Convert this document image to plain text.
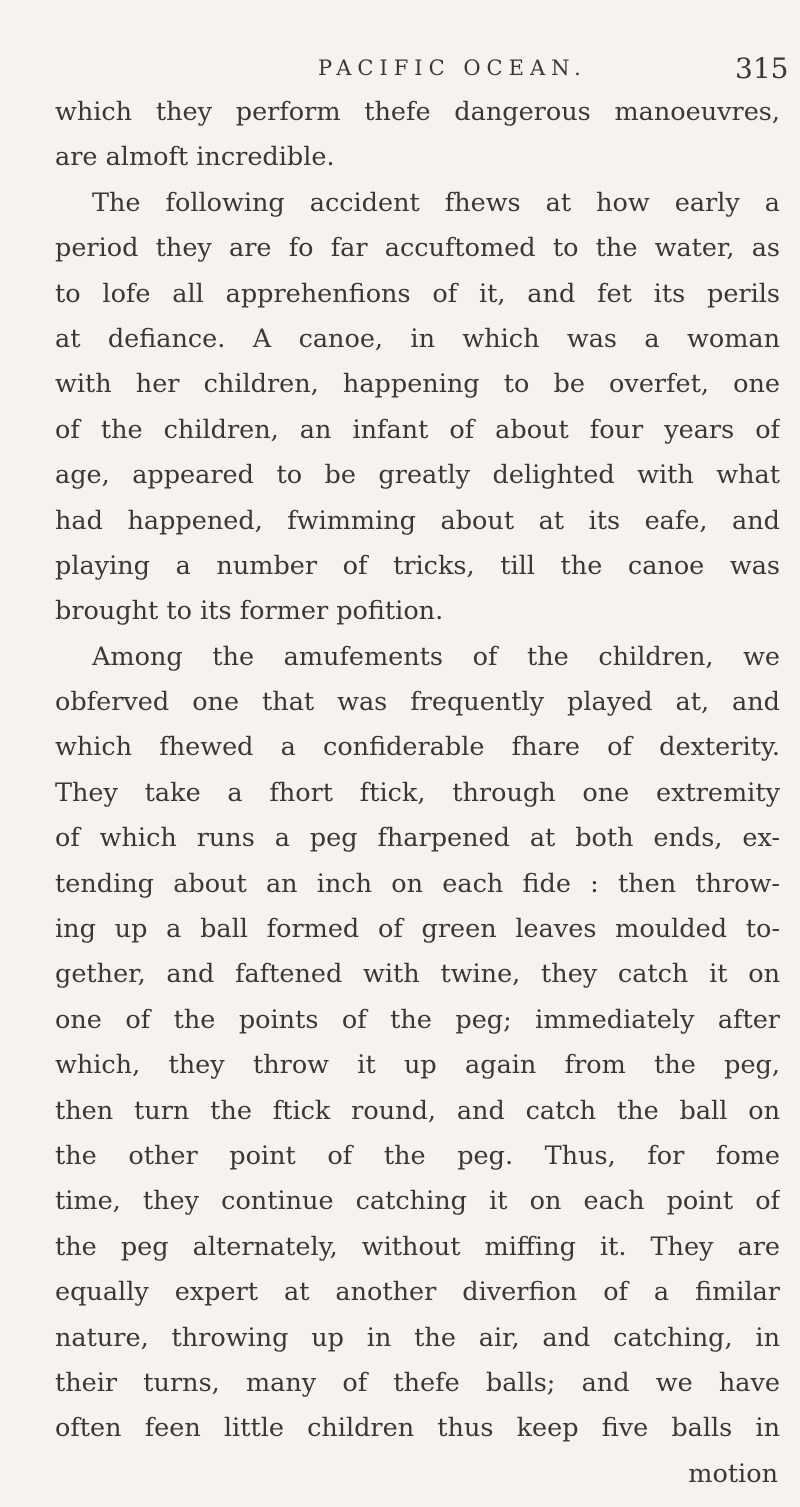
PACIFIC OCEAN.	315
which they perform thefe dangerous manoeuvres,
are almoft incredible.
The following accident fhews at how early a
period they are fo far accuftomed to the water, as
to lofe all apprehenfions of it, and fet its perils
at defiance. A canoe, in which was a woman
with her children, happening to be overfet, one
of the children, an infant of about four years of
age, appeared to be greatly delighted with what
had happened, fwimming about at its eafe, and
playing a number of tricks, till the canoe was
brought to its former pofition.
Among the amufements of the children, we
obferved one that was frequently played at, and
which fhewed a confiderable fhare of dexterity.
They take a fhort ftick, through one extremity
of which runs a peg fharpened at both ends, ex-
tending about an inch on each fide : then throw-
ing up a ball formed of green leaves moulded to-
gether, and faftened with twine, they catch it on
one of the points of the peg; immediately after
which, they throw it up again from the peg,
then turn the ftick round, and catch the ball on
the other point of the peg. Thus, for fome
time, they continue catching it on each point of
the peg alternately, without miffing it. They are
equally expert at another diverfion of a fimilar
nature, throwing up in the air, and catching, in
their turns, many of thefe balls; and we have
often feen little children thus keep five balls in
motion
